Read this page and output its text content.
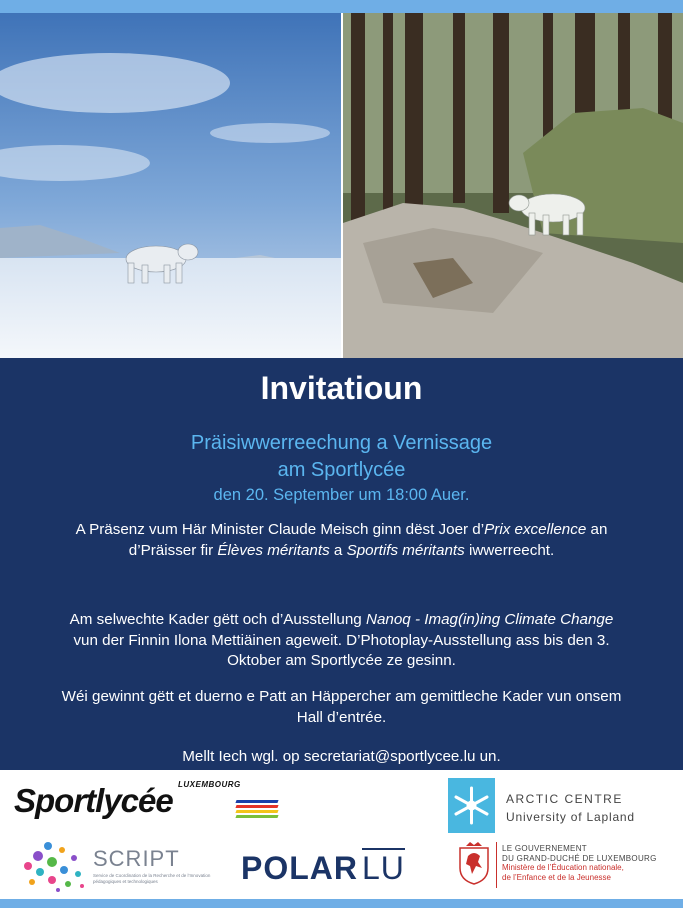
Invitatioun
Präisiwwerreechung a Vernissage
am Sportlycée
den 20. September um 18:00 Auer.
A Präsenz vum Här Minister Claude Meisch ginn dëst Joer d’Prix excellence an d’Präisser fir Élèves méritants a Sportifs méritants iwwerreecht.
Am selwechte Kader gëtt och d’Ausstellung Nanoq - Imag(in)ing Climate Change vun der Finnin Ilona Mettiäinen ageweit. D’Photoplay-Ausstellung ass bis den 3. Oktober am Sportlycée ze gesinn.
Wéi gewinnt gëtt et duerno e Patt an Häppercher am gemittleche Kader vun onsem Hall d’entrée.
Mellt Iech wgl. op secretariat@sportlycee.lu un.
Sportlycée LUXEMBOURG
SCRIPT
Service de Coordination de la Recherche et de l’Innovation pédagogiques et technologiques	POLAR LU
ARCTIC CENTRE
University of Lapland
LE GOUVERNEMENT
DU GRAND-DUCHÉ DE LUXEMBOURG
Ministère de l’Éducation nationale,
de l’Enfance et de la Jeunesse
